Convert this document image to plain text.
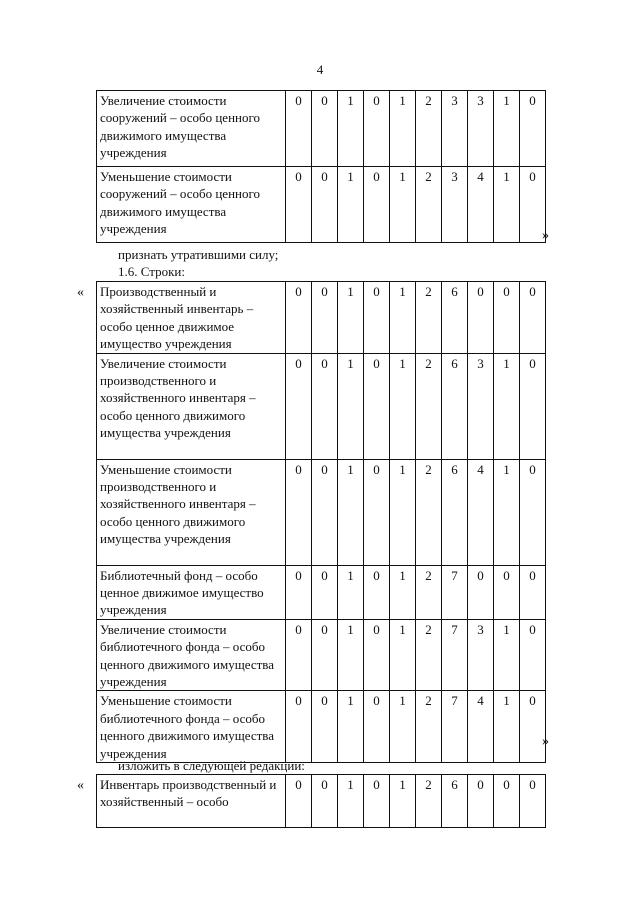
4
Увеличение стоимости сооружений – особо ценного движимого имущества учреждения	0	0	1	0	1	2	3	3	1	0
Уменьшение стоимости сооружений – особо ценного движимого имущества учреждения	0	0	1	0	1	2	3	4	1	0
»
признать утратившими силу;
1.6. Строки:
« Производственный и хозяйственный инвентарь – особо ценное движимое имущество учреждения	0	0	1	0	1	2	6	0	0	0
Увеличение стоимости производственного и хозяйственного инвентаря – особо ценного движимого имущества учреждения	0	0	1	0	1	2	6	3	1	0
Уменьшение стоимости производственного и хозяйственного инвентаря – особо ценного движимого имущества учреждения	0	0	1	0	1	2	6	4	1	0
Библиотечный фонд – особо ценное движимое имущество учреждения	0	0	1	0	1	2	7	0	0	0
Увеличение стоимости библиотечного фонда – особо ценного движимого имущества учреждения	0	0	1	0	1	2	7	3	1	0
Уменьшение стоимости библиотечного фонда – особо ценного движимого имущества учреждения	0	0	1	0	1	2	7	4	1	0
»
изложить в следующей редакции:
« Инвентарь производственный и хозяйственный – особо	0	0	1	0	1	2	6	0	0	0
